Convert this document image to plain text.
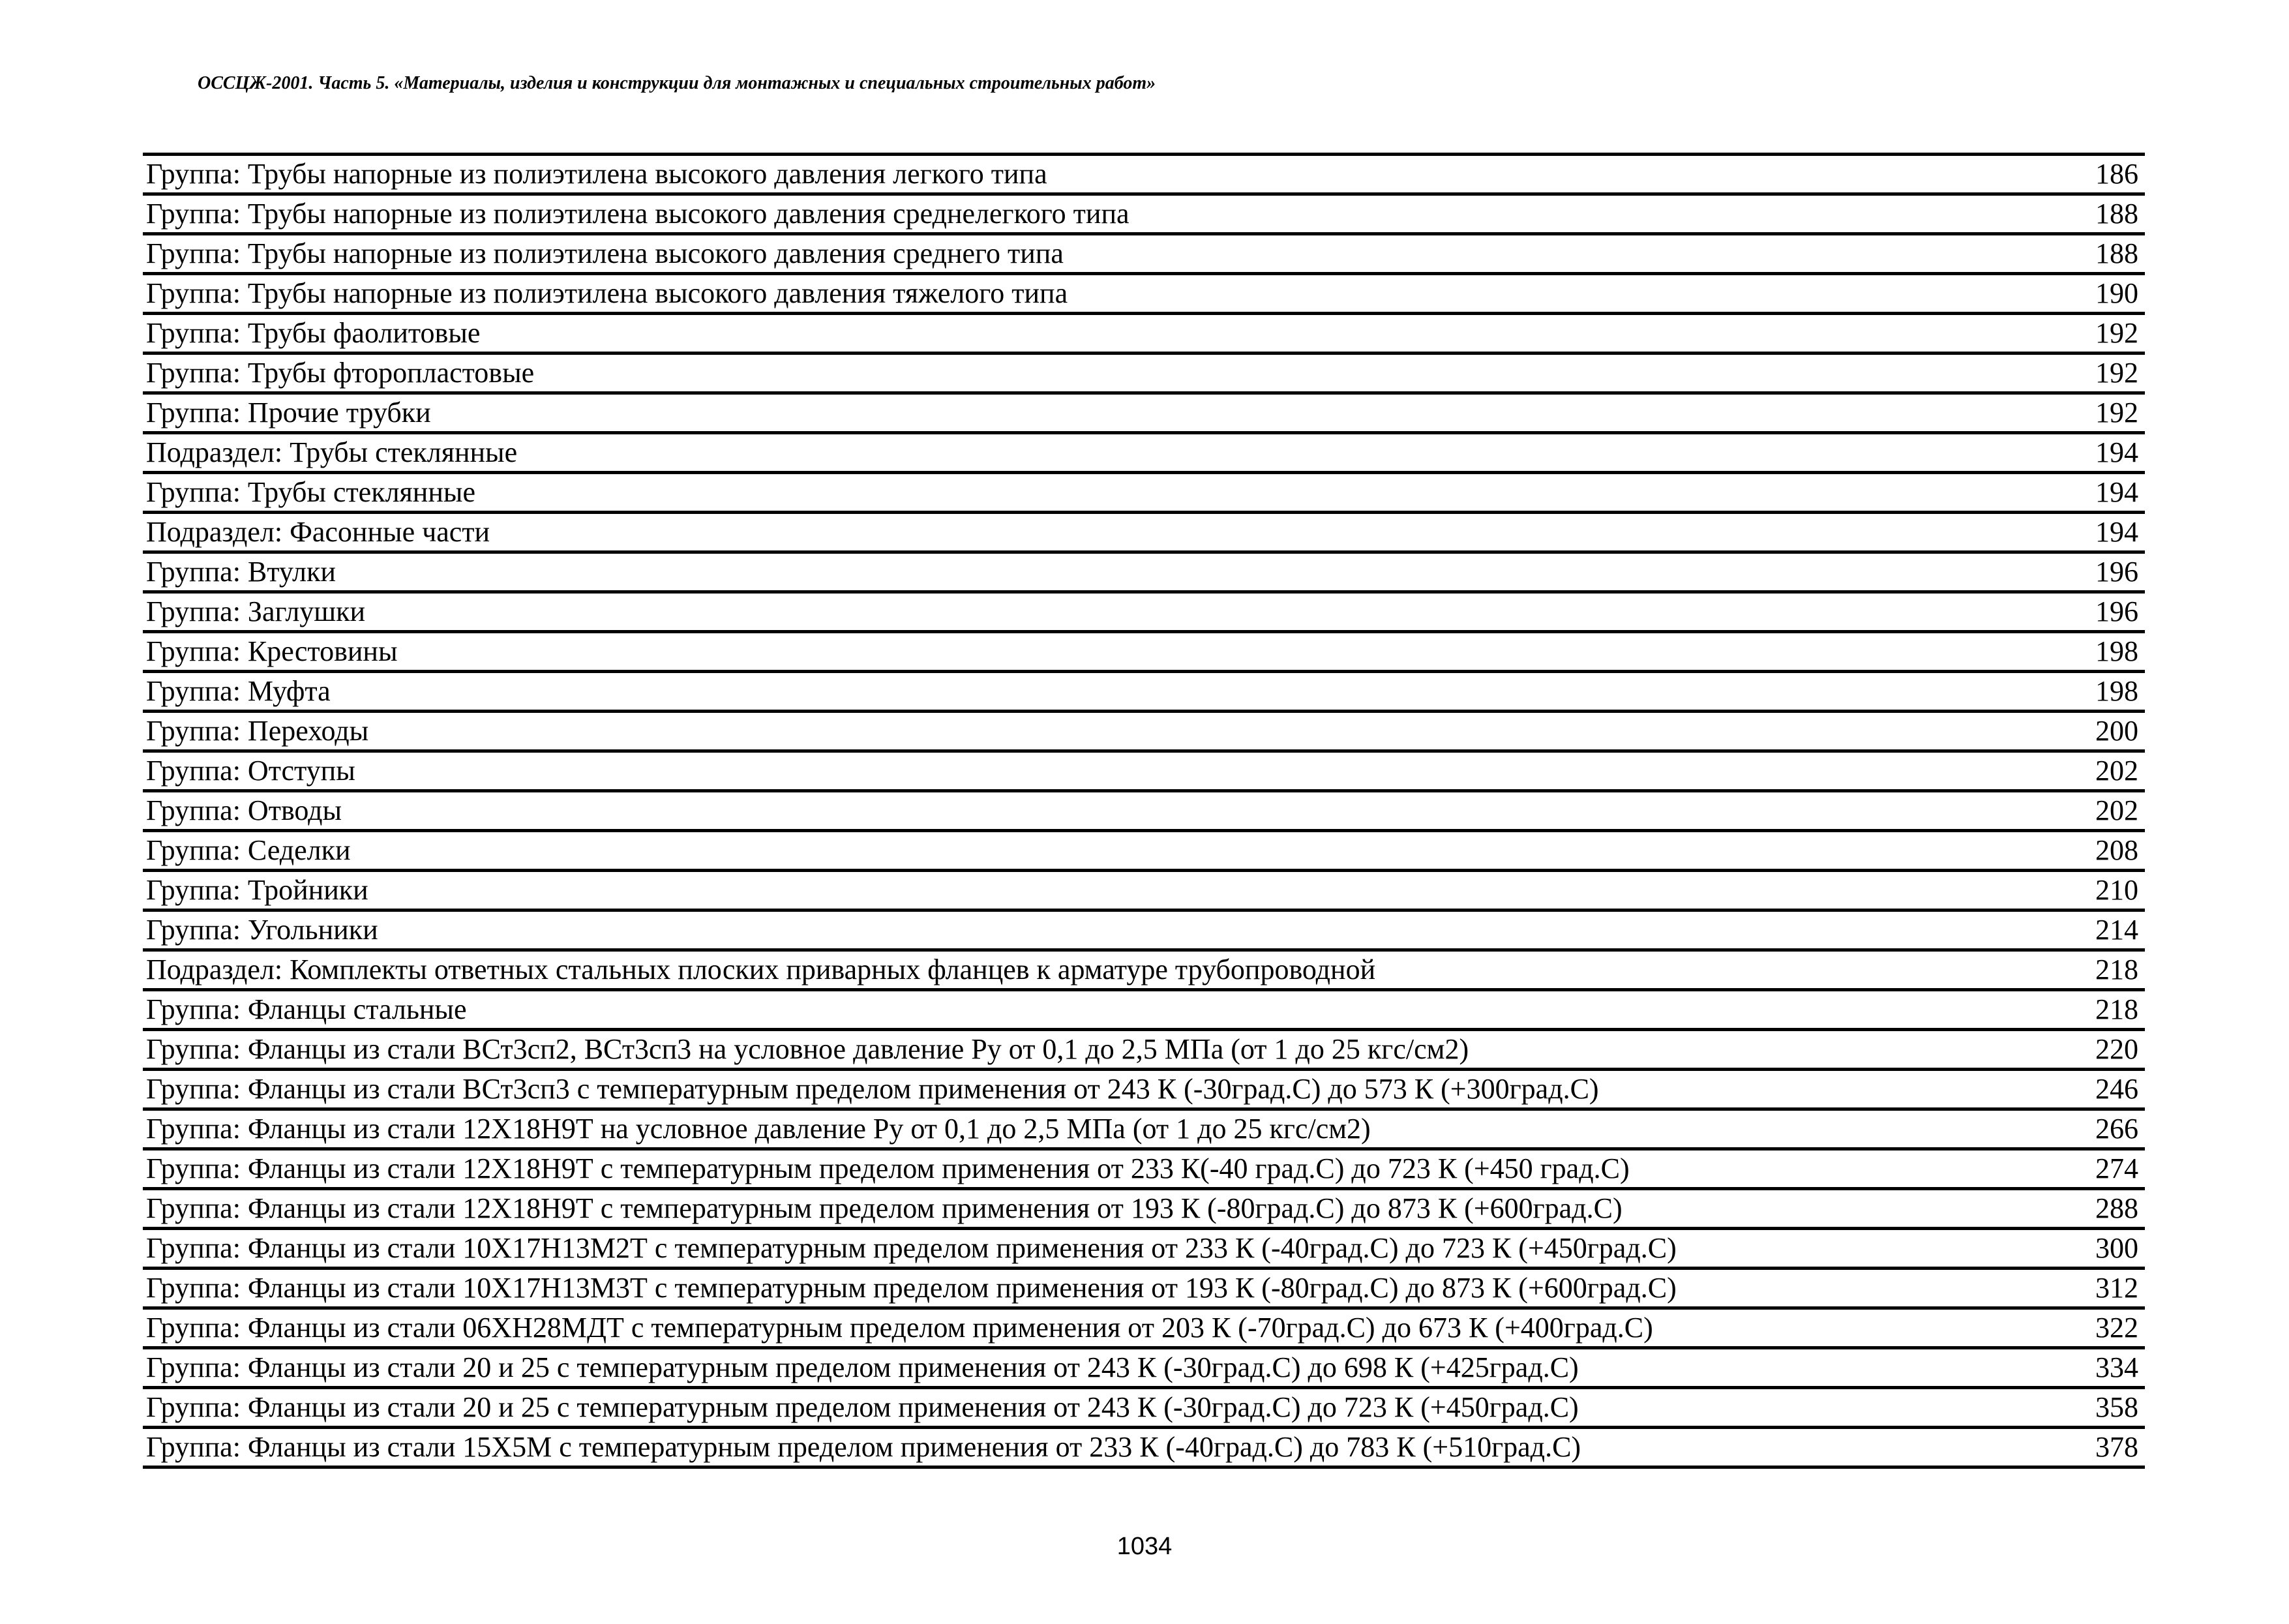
ОССЦЖ-2001. Часть 5. «Материалы, изделия и конструкции для монтажных и специальных строительных работ»
Группа: Трубы напорные из полиэтилена высокого давления легкого типа	186
Группа: Трубы напорные из полиэтилена высокого давления среднелегкого типа	188
Группа: Трубы напорные из полиэтилена высокого давления среднего типа	188
Группа: Трубы напорные из полиэтилена высокого давления тяжелого типа	190
Группа: Трубы фаолитовые	192
Группа: Трубы фторопластовые	192
Группа: Прочие трубки	192
Подраздел: Трубы стеклянные	194
Группа: Трубы стеклянные	194
Подраздел: Фасонные части	194
Группа: Втулки	196
Группа: Заглушки	196
Группа: Крестовины	198
Группа: Муфта	198
Группа: Переходы	200
Группа: Отступы	202
Группа: Отводы	202
Группа: Седелки	208
Группа: Тройники	210
Группа: Угольники	214
Подраздел: Комплекты ответных стальных плоских приварных фланцев к арматуре трубопроводной	218
Группа: Фланцы стальные	218
Группа: Фланцы из стали ВСт3сп2, ВСт3сп3 на условное давление Ру от 0,1 до 2,5 МПа (от 1 до 25 кгс/см2)	220
Группа: Фланцы из стали ВСт3сп3 с температурным пределом применения от 243 К (-30град.С) до 573 К (+300град.С)	246
Группа: Фланцы из стали 12Х18Н9Т на условное давление Ру от 0,1 до 2,5 МПа (от 1 до 25 кгс/см2)	266
Группа: Фланцы из стали 12Х18Н9Т с температурным пределом применения от 233 К(-40 град.С) до 723 К (+450 град.С)	274
Группа: Фланцы из стали 12Х18Н9Т с температурным пределом применения от 193 К (-80град.С) до 873 К (+600град.С)	288
Группа: Фланцы из стали 10Х17Н13М2Т с температурным пределом применения от 233 К (-40град.С) до 723 К (+450град.С)	300
Группа: Фланцы из стали 10Х17Н13М3Т с температурным пределом применения от 193 К (-80град.С) до 873 К (+600град.С)	312
Группа: Фланцы из стали 06ХН28МДТ с температурным пределом применения от 203 К (-70град.С) до 673 К (+400град.С)	322
Группа: Фланцы из стали 20 и 25 с температурным пределом применения от 243 К (-30град.С) до 698 К (+425град.С)	334
Группа: Фланцы из стали 20 и 25 с температурным пределом применения от 243 К (-30град.С) до 723 К (+450град.С)	358
Группа: Фланцы из стали 15Х5М с температурным пределом применения от 233 К (-40град.С) до 783 К (+510град.С)	378
1034
